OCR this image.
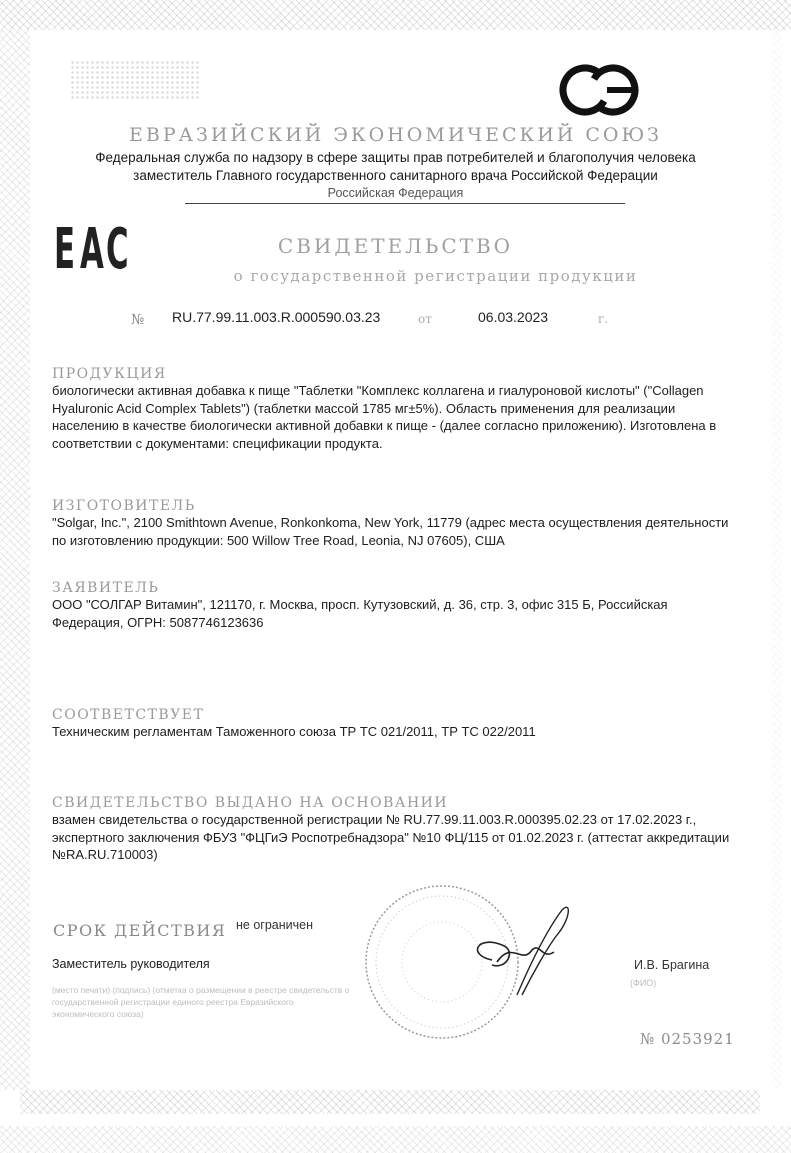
ЕВРАЗИЙСКИЙ ЭКОНОМИЧЕСКИЙ СОЮЗ
Федеральная служба по надзору в сфере защиты прав потребителей и благополучия человека
заместитель Главного государственного санитарного врача Российской Федерации
Российская Федерация
Е А С	СВИДЕТЕЛЬСТВО
о государственной регистрации продукции
№ RU.77.99.11.003.R.000590.03.23	от	06.03.2023	г.
ПРОДУКЦИЯ
биологически активная добавка к пище "Таблетки "Комплекс коллагена и гиалуроновой кислоты" ("Collagen Hyaluronic Acid Complex Tablets") (таблетки массой 1785 мг±5%). Область применения для реализации населению в качестве биологически активной добавки к пище - (далее согласно приложению). Изготовлена в соответствии с документами: спецификации продукта.
ИЗГОТОВИТЕЛЬ
"Solgar, Inc.", 2100 Smithtown Avenue, Ronkonkoma, New York, 11779 (адрес места осуществления деятельности по изготовлению продукции: 500 Willow Tree Road, Leonia, NJ 07605), США
ЗАЯВИТЕЛЬ
ООО "СОЛГАР Витамин", 121170, г. Москва, просп. Кутузовский, д. 36, стр. 3, офис 315 Б, Российская Федерация, ОГРН: 5087746123636
СООТВЕТСТВУЕТ
Техническим регламентам Таможенного союза ТР ТС 021/2011, ТР ТС 022/2011
СВИДЕТЕЛЬСТВО ВЫДАНО НА ОСНОВАНИИ
взамен свидетельства о государственной регистрации № RU.77.99.11.003.R.000395.02.23 от 17.02.2023 г., экспертного заключения ФБУЗ "ФЦГиЭ Роспотребнадзора" №10 ФЦ/115 от 01.02.2023 г. (аттестат аккредитации №RA.RU.710003)
СРОК ДЕЙСТВИЯ не ограничен
Заместитель руководителя	И.В. Брагина
(ФИО)
(место печати) (подпись) (отметка о размещении в реестре свидетельств о государственной регистрации единого реестра Евразийского экономического союза)
№ 0253921
